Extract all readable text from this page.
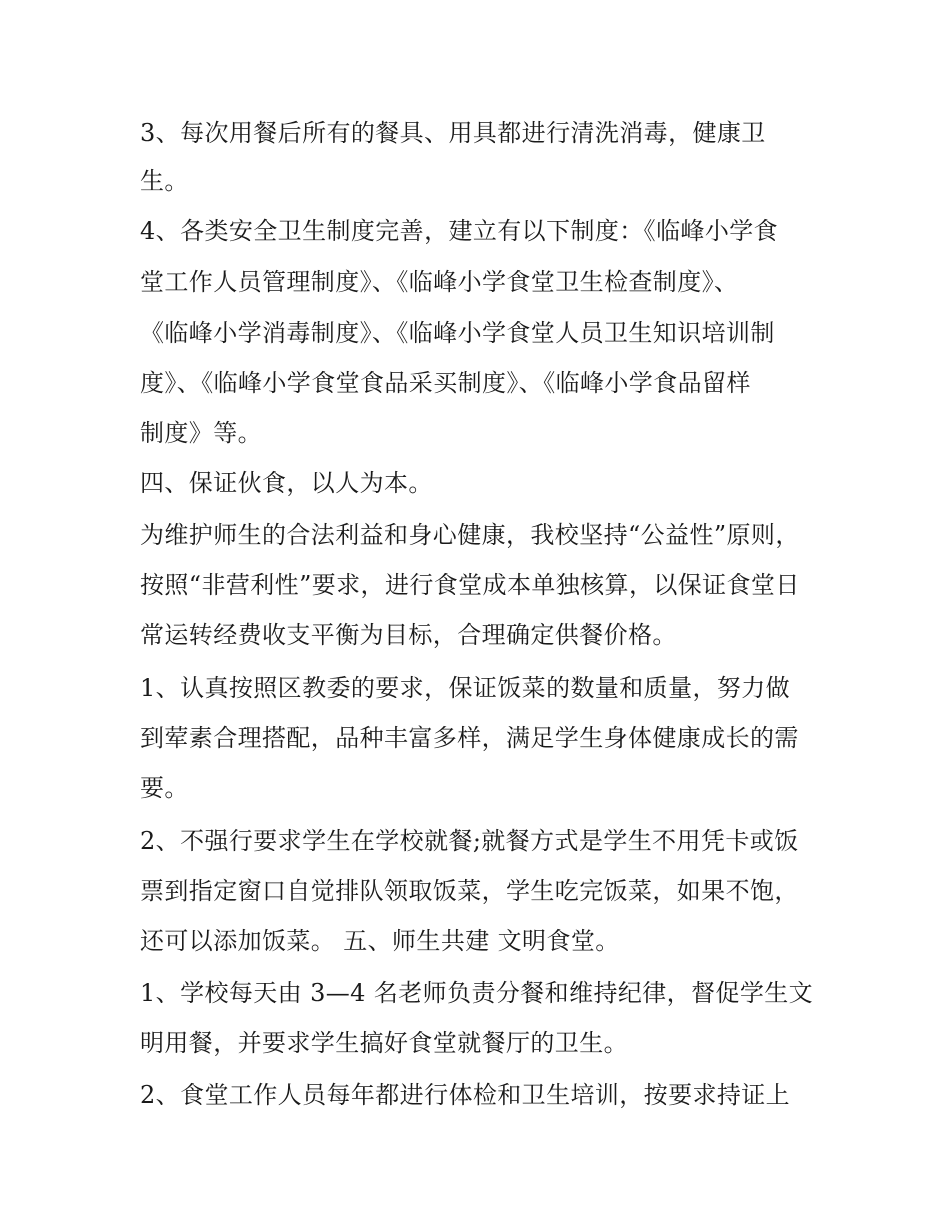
3、每次用餐后所有的餐具、用具都进行清洗消毒，健康卫

生。

4、各类安全卫生制度完善，建立有以下制度：《临峰小学食

堂工作人员管理制度》、《临峰小学食堂卫生检查制度》、

《临峰小学消毒制度》、《临峰小学食堂人员卫生知识培训制

度》、《临峰小学食堂食品采买制度》、《临峰小学食品留样

制度》等。

四、保证伙食，以人为本。

为维护师生的合法利益和身心健康，我校坚持“公益性”原则，

按照“非营利性”要求，进行食堂成本单独核算，以保证食堂日

常运转经费收支平衡为目标，合理确定供餐价格。

1、认真按照区教委的要求，保证饭菜的数量和质量，努力做

到荤素合理搭配，品种丰富多样，满足学生身体健康成长的需

要。

2、不强行要求学生在学校就餐;就餐方式是学生不用凭卡或饭

票到指定窗口自觉排队领取饭菜，学生吃完饭菜，如果不饱，

还可以添加饭菜。 五、师生共建 文明食堂。

1、学校每天由 3—4 名老师负责分餐和维持纪律，督促学生文

明用餐，并要求学生搞好食堂就餐厅的卫生。

2、食堂工作人员每年都进行体检和卫生培训，按要求持证上
